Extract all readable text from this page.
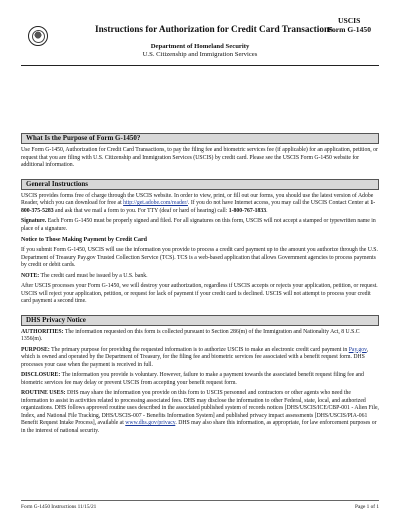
Instructions for Authorization for Credit Card Transactions
USCIS
Form G-1450
Department of Homeland Security
U.S. Citizenship and Immigration Services
What Is the Purpose of Form G-1450?

Use Form G-1450, Authorization for Credit Card Transactions, to pay the filing fee and biometric services fee (if applicable) for an application, petition, or request that you are filing with U.S. Citizenship and Immigration Services (USCIS) by credit card. Please see the USCIS Form G-1450 website for additional information.

General Instructions

USCIS provides forms free of charge through the USCIS website. In order to view, print, or fill out our forms, you should use the latest version of Adobe Reader, which you can download for free at http://get.adobe.com/reader/. If you do not have Internet access, you may call the USCIS Contact Center at 1-800-375-5283 and ask that we mail a form to you. For TTY (deaf or hard of hearing) call: 1-800-767-1833.

Signature. Each Form G-1450 must be properly signed and filed. For all signatures on this form, USCIS will not accept a stamped or typewritten name in place of a signature.

Notice to Those Making Payment by Credit Card

If you submit Form G-1450, USCIS will use the information you provide to process a credit card payment up to the amount you authorize through the U.S. Department of Treasury Pay.gov Trusted Collection Service (TCS). TCS is a web-based application that allows Government agencies to process payments by credit or debit cards.

NOTE: The credit card must be issued by a U.S. bank.

After USCIS processes your Form G-1450, we will destroy your authorization, regardless if USCIS accepts or rejects your application, petition, or request. USCIS will reject your application, petition, or request for lack of payment if your credit card is declined. USCIS will not attempt to process your credit card payment a second time.

DHS Privacy Notice

AUTHORITIES: The information requested on this form is collected pursuant to Section 286(m) of the Immigration and Nationality Act, 8 U.S.C 1356(m).

PURPOSE: The primary purpose for providing the requested information is to authorize USCIS to make an electronic credit card payment in Pay.gov, which is owned and operated by the Department of Treasury, for the filing fee and biometric services fee associated with a benefit request form. DHS processes your case when the payment is received in full.

DISCLOSURE: The information you provide is voluntary. However, failure to make a payment towards the associated benefit request filing fee and biometric services fee may delay or prevent USCIS from accepting your benefit request form.

ROUTINE USES: DHS may share the information you provide on this form to USCIS personnel and contractors or other agents who need the information to assist in activities related to processing associated fees. DHS may disclose the information to other Federal, state, local, and authorized organizations. DHS follows approved routine uses described in the associated published system of records notices [DHS/USCIS/ICE/CBP-001 - Alien File, Index, and National File Tracking, DHS/USCIS-007 - Benefits Information System] and published privacy impact assessments [DHS/USCIS/PIA-061 Benefit Request Intake Process], available at www.dhs.gov/privacy. DHS may also share this information, as appropriate, for law enforcement purposes or in the interest of national security.

Form G-1450 Instructions 11/15/21	Page 1 of 1
